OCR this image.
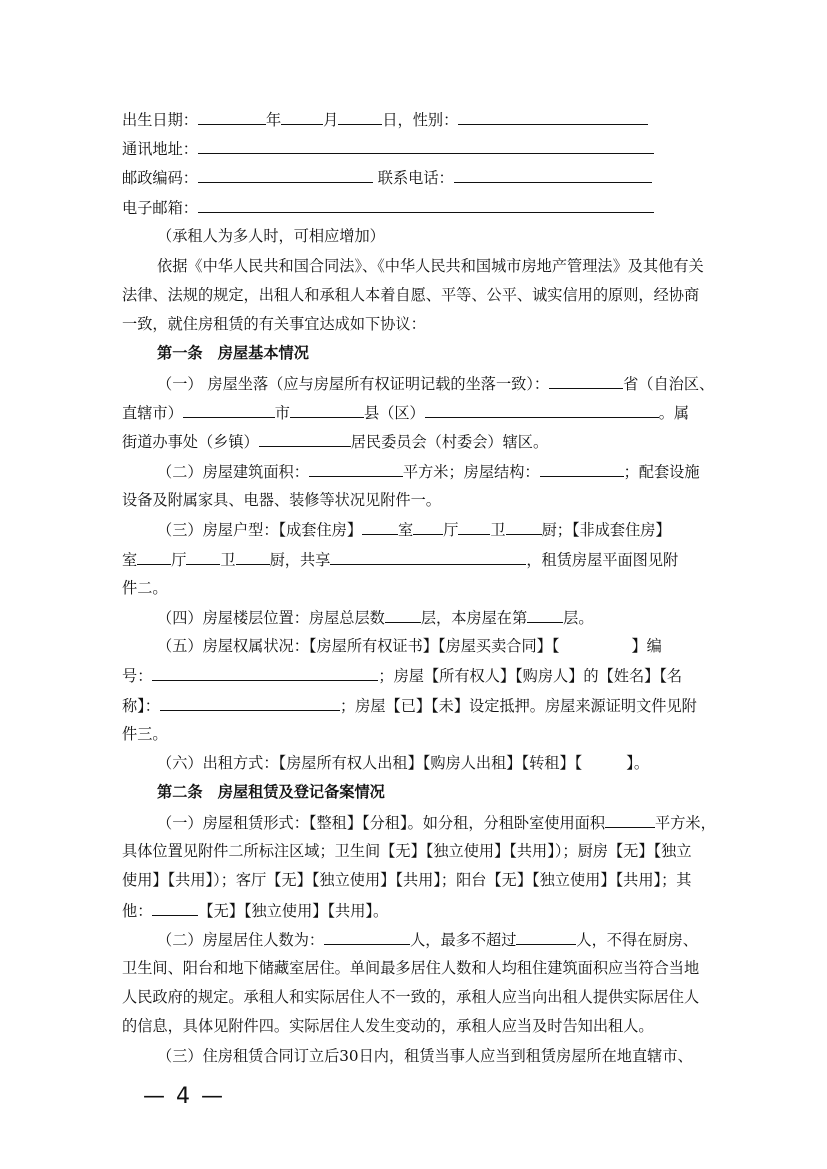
出生日期：	年	月	日，性别：
通讯地址：
邮政编码：	联系电话：
电子邮箱：
（承租人为多人时，可相应增加）
依据《中华人民共和国合同法》、《中华人民共和国城市房地产管理法》及其他有关
法律、法规的规定，出租人和承租人本着自愿、平等、公平、诚实信用的原则，经协商
一致，就住房租赁的有关事宜达成如下协议：
第一条　房屋基本情况
（一） 房屋坐落（应与房屋所有权证明记载的坐落一致）：	省（自治区、
直辖市）	市	县（区）	。属
街道办事处（乡镇）	居民委员会（村委会）辖区。
（二）房屋建筑面积：	平方米；房屋结构：	；配套设施
设备及附属家具、电器、装修等状况见附件一。
（三）房屋户型：【成套住房】 室 厅 卫 厨；【非成套住房】
室 厅 卫 厨，共享	，租赁房屋平面图见附
件二。
（四）房屋楼层位置：房屋总层数 层，本房屋在第 层。
（五）房屋权属状况：【房屋所有权证书】【房屋买卖合同】【	】编
号：	；房屋【所有权人】【购房人】的【姓名】【名
称】：	；房屋【已】【未】设定抵押。房屋来源证明文件见附
件三。
（六）出租方式：【房屋所有权人出租】【购房人出租】【转租】【	】。
第二条　房屋租赁及登记备案情况
（一）房屋租赁形式：【整租】【分租】。如分租，分租卧室使用面积	平方米，
具体位置见附件二所标注区域；卫生间【无】【独立使用】【共用】）；厨房【无】【独立
使用】【共用】）；客厅【无】【独立使用】【共用】；阳台【无】【独立使用】【共用】；其
他：	【无】【独立使用】【共用】。
（二）房屋居住人数为：	人，最多不超过	人，不得在厨房、
卫生间、阳台和地下储藏室居住。单间最多居住人数和人均租住建筑面积应当符合当地
人民政府的规定。承租人和实际居住人不一致的，承租人应当向出租人提供实际居住人
的信息，具体见附件四。实际居住人发生变动的，承租人应当及时告知出租人。
（三）住房租赁合同订立后30日内，租赁当事人应当到租赁房屋所在地直辖市、
— 4 —
